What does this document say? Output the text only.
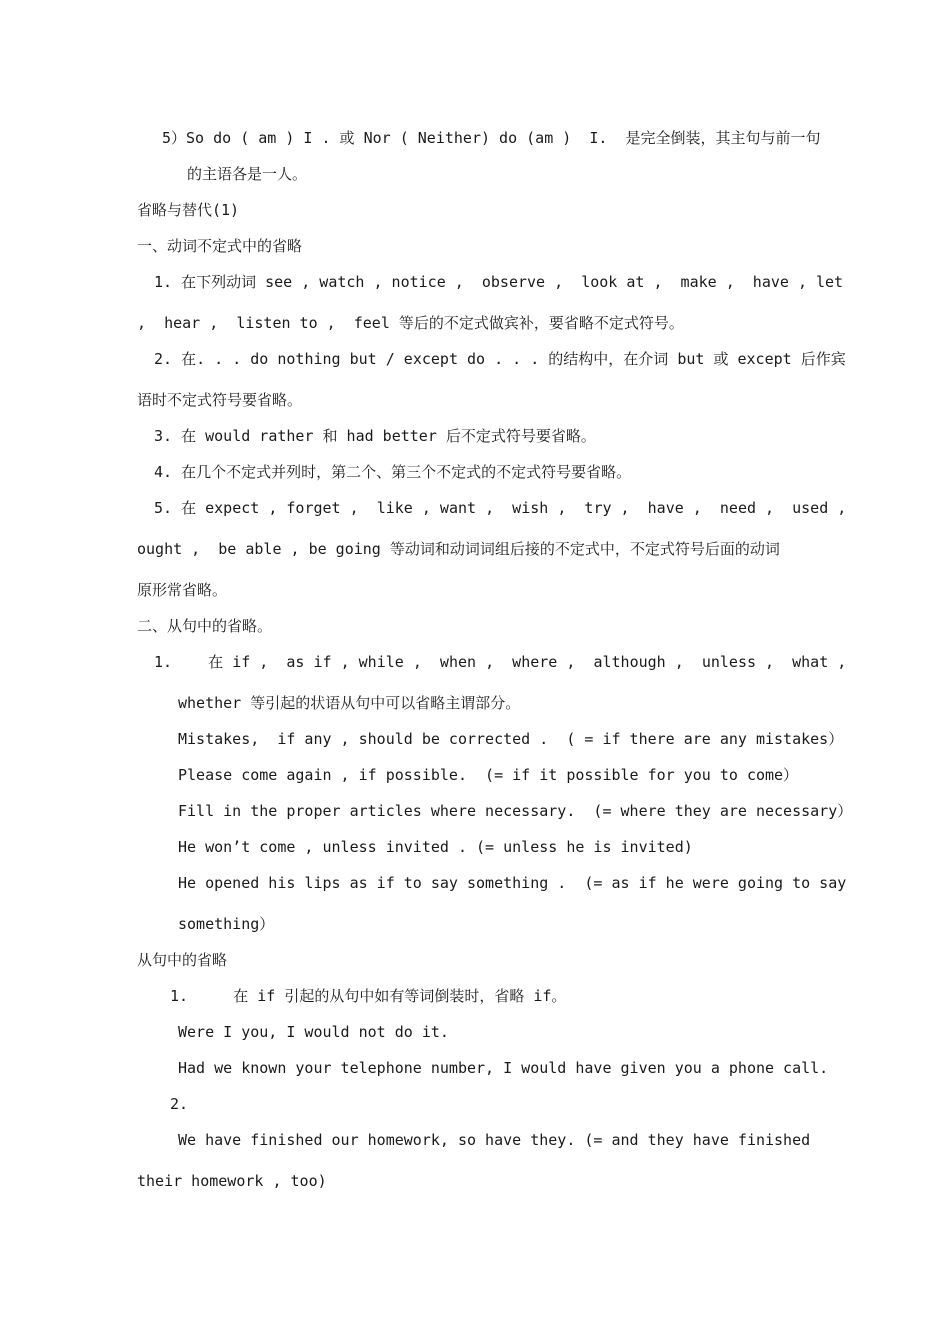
5）So do ( am ) I . 或 Nor ( Neither) do (am )  I.  是完全倒装，其主句与前一句
的主语各是一人。
省略与替代(1)
一、动词不定式中的省略
1. 在下列动词 see , watch , notice ,  observe ,  look at ,  make ,  have , let
,  hear ,  listen to ,  feel 等后的不定式做宾补，要省略不定式符号。
2. 在. . . do nothing but / except do . . . 的结构中，在介词 but 或 except 后作宾
语时不定式符号要省略。
3. 在 would rather 和 had better 后不定式符号要省略。
4. 在几个不定式并列时，第二个、第三个不定式的不定式符号要省略。
5. 在 expect , forget ,  like , want ,  wish ,  try ,  have ,  need ,  used ,
ought ,  be able , be going 等动词和动词词组后接的不定式中，不定式符号后面的动词
原形常省略。
二、从句中的省略。
1.    在 if ,  as if , while ,  when ,  where ,  although ,  unless ,  what ,
whether 等引起的状语从句中可以省略主谓部分。
Mistakes,  if any , should be corrected .  ( = if there are any mistakes）
Please come again , if possible.  (= if it possible for you to come）
Fill in the proper articles where necessary.  (= where they are necessary）
He won’t come , unless invited . (= unless he is invited)
He opened his lips as if to say something .  (= as if he were going to say
something）
从句中的省略
1.     在 if 引起的从句中如有等词倒装时，省略 if。
Were I you, I would not do it.
Had we known your telephone number, I would have given you a phone call.
2.
We have finished our homework, so have they. (= and they have finished
their homework , too)
